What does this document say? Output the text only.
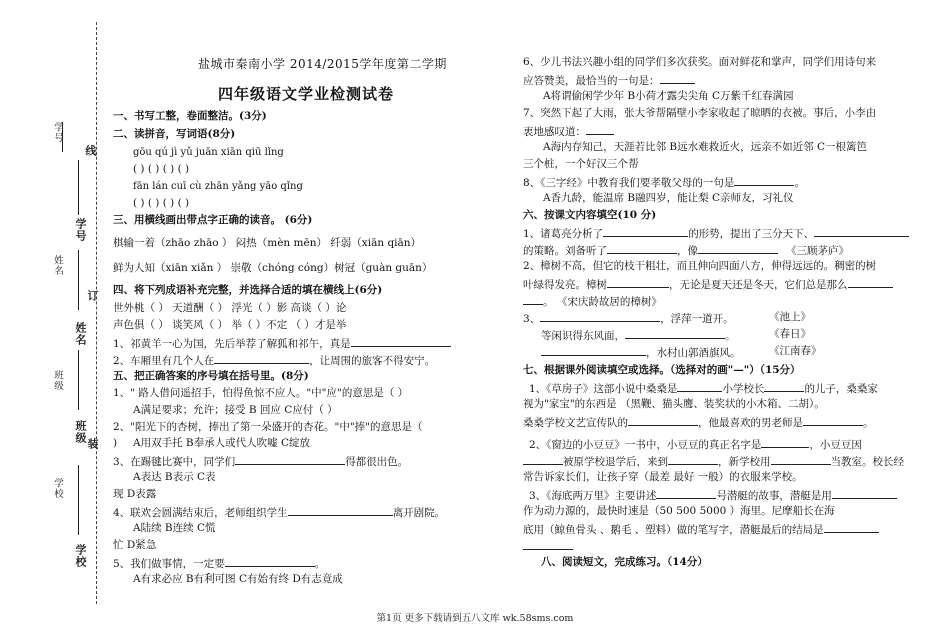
学号
姓名
班级
学校
线
学号
订
姓名
班级 装
学校
盐城市秦南小学 2014/2015学年度第二学期
四年级语文学业检测试卷
一、书写工整，卷面整洁。(3分)
二、读拼音，写词语(8分)
gōu qú jì yǔ juān xiān qiū lǐng
( ) ( ) ( ) ( )
fān lán cuī cù zhān yǎng yāo qǐng
( ) ( ) ( ) ( )
三、用横线画出带点字正确的读音。 (6分)
棋输一着（zhāo zhāo ） 闷热（mèn mēn） 纤弱（xiān qiān）
鲜为人知（xiān xiǎn ） 崇敬（chóng cóng）树冠（guàn guān）
四、将下列成语补充完整，并选择合适的填在横线上(6分)
世外桃（ ） 天道酬（ ） 浮光（ ）影 高谈（ ）论
声色俱（ ） 谈笑风（ ） 举（ ）不定 （ ）才是举
1、祁黄羊一心为国，先后举荐了解狐和祁午，真是
2、车厢里有几个人在	，让周围的旅客不得安宁。
五、把正确答案的序号填在括号里。(8分)
1、" 路人借问遥招手，怕得鱼惊不应人。"中"应"的意思是（ ）
A满足要求；允许；接受 B 回应 C应付（ ）
2、"阳光下的杏树，捧出了第一朵盛开的杏花。"中"捧"的意思是（
) A用双手托 B奉承人或代人吹嘘 C绽放
3、在踢毽比赛中，同学们	得都很出色。
A表达 B表示 C表
现 D表露
4、联欢会圆满结束后，老师组织学生	离开剧院。
A陆续 B连续 C慌
忙 D紧急
5、我们做事情，一定要	。
A有求必应 B有利可图 C有始有终 D有志竟成
6、少儿书法兴趣小组的同学们多次获奖。面对鲜花和掌声，同学们用诗句来
应答赞美，最恰当的一句是：
A将谓偷闲学少年 B小荷才露尖尖角 C万紫千红春满园
7、突然下起了大雨，张大爷帮隔壁小李家收起了晾晒的衣被。事后，小李由
衷地感叹道：
A海内存知己，天涯若比邻 B远水难救近火，远亲不如近邻 C一根篱笆
三个桩，一个好汉三个帮
8、《三字经》中教育我们要孝敬父母的一句是	。
A香九龄，能温席 B融四岁，能让梨 C亲师友，习礼仪
六、按课文内容填空(10 分)
1、诸葛亮分析了	的形势，提出了三分天下、
的策略。刘备听了	，像	《三顾茅庐》
2、樟树不高，但它的枝干粗壮，而且伸向四面八方，伸得远远的。稠密的树
叶绿得发亮。樟树	，无论是夏天还是冬天，它们总是那么
。 《宋庆龄故居的樟树》
3、	，浮萍一道开。	《池上》
等闲识得东风面，	。	《春日》
，水村山郭酒旗风。	《江南春》
七、根据课外阅读填空或选择。（选择对的画"—"）（15分）
1、《草房子》这部小说中桑桑是	小学校长	的儿子，桑桑家
视为"家宝"的东西是 （黑鞭、猫头鹰、装奖状的小木箱、二胡）。
桑桑学校文艺宣传队的	，他最喜欢的男老师是	。
2、《窗边的小豆豆》一书中，小豆豆的真正名字是	，小豆豆因
被原学校退学后，来到	，新学校用	当教室。校长经
常告诉家长们，让孩子穿（最差 最好 一般）的衣服来学校。
3、《海底两万里》主要讲述	号潜艇的故事，潜艇是用
作为动力源的，最快时速是（50 500 5000 ）海里。尼摩船长在海
底用（鲸鱼骨头 、鹅毛 、塑料）做的笔写字，潜艇最后的结局是
八、阅读短文，完成练习。（14分）
第1页 更多下载请到五八文库 wk.58sms.com
